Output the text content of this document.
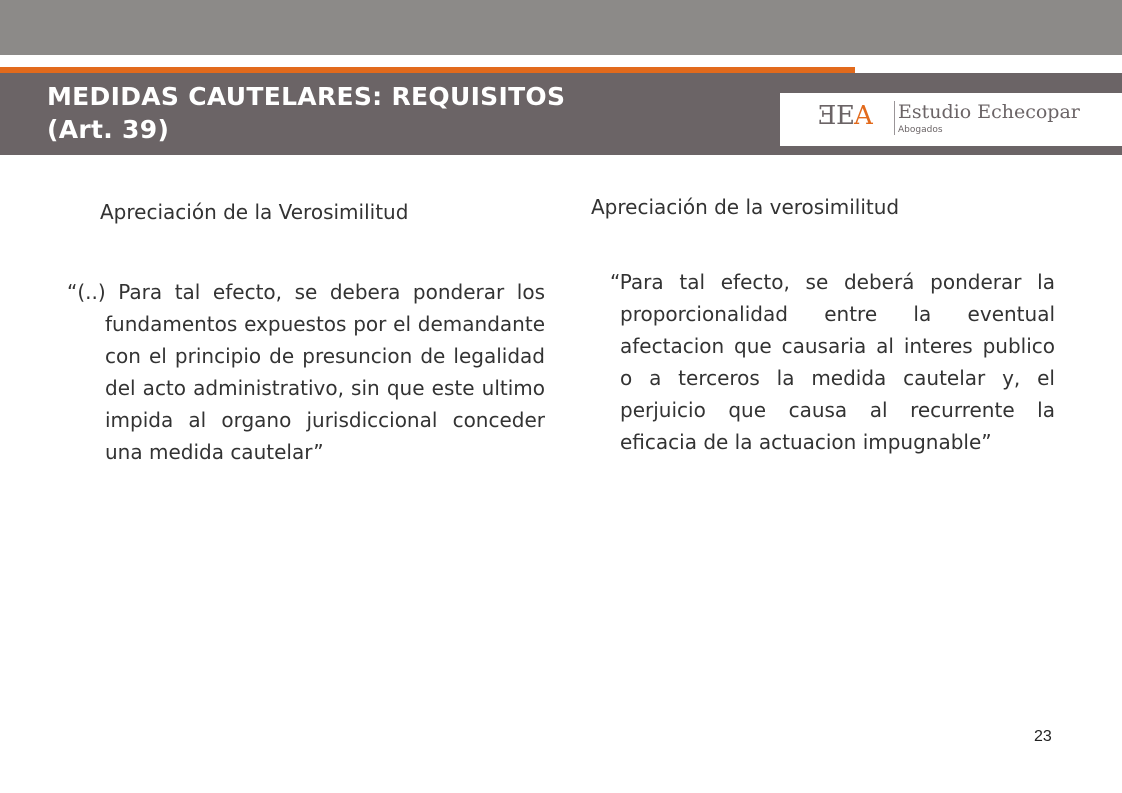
MEDIDAS CAUTELARES: REQUISITOS
(Art. 39)	ƎEA Estudio Echecopar
Abogados
Apreciación de la Verosimilitud
“(..) Para tal efecto, se debera ponderar los fundamentos expuestos por el demandante con el principio de presuncion de legalidad del acto administrativo, sin que este ultimo impida al organo jurisdiccional conceder una medida cautelar”
Apreciación de la verosimilitud
“Para tal efecto, se deberá ponderar la proporcionalidad entre la eventual afectacion que causaria al interes publico o a terceros la medida cautelar y, el perjuicio que causa al recurrente la eficacia de la actuacion impugnable”
23
